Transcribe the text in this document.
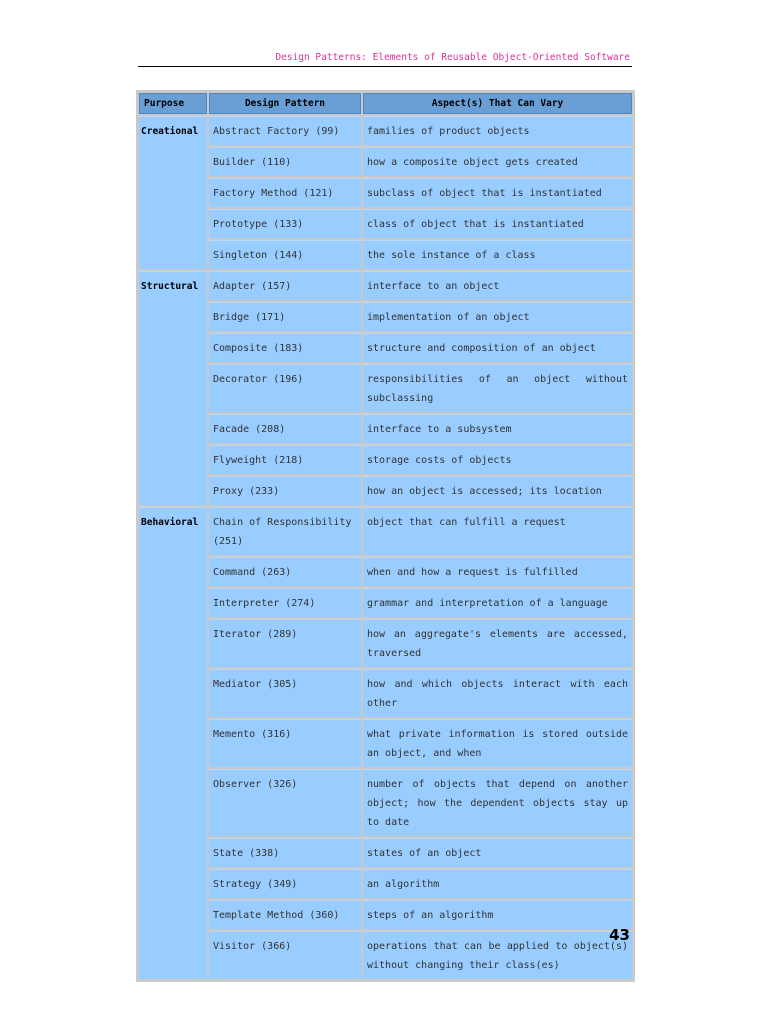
Design Patterns: Elements of Reusable Object-Oriented Software
Purpose	Design Pattern	Aspect(s) That Can Vary
Creational	Abstract Factory (99)	families of product objects
	Builder (110)	how a composite object gets created
	Factory Method (121)	subclass of object that is instantiated
	Prototype (133)	class of object that is instantiated
	Singleton (144)	the sole instance of a class
Structural	Adapter (157)	interface to an object
	Bridge (171)	implementation of an object
	Composite (183)	structure and composition of an object
	Decorator (196)	responsibilities of an object without subclassing
	Facade (208)	interface to a subsystem
	Flyweight (218)	storage costs of objects
	Proxy (233)	how an object is accessed; its location
Behavioral	Chain of Responsibility (251)	object that can fulfill a request
	Command (263)	when and how a request is fulfilled
	Interpreter (274)	grammar and interpretation of a language
	Iterator (289)	how an aggregate's elements are accessed, traversed
	Mediator (305)	how and which objects interact with each other
	Memento (316)	what private information is stored outside an object, and when
	Observer (326)	number of objects that depend on another object; how the dependent objects stay up to date
	State (338)	states of an object
	Strategy (349)	an algorithm
	Template Method (360)	steps of an algorithm
	Visitor (366)	operations that can be applied to object(s) without changing their class(es)
43
